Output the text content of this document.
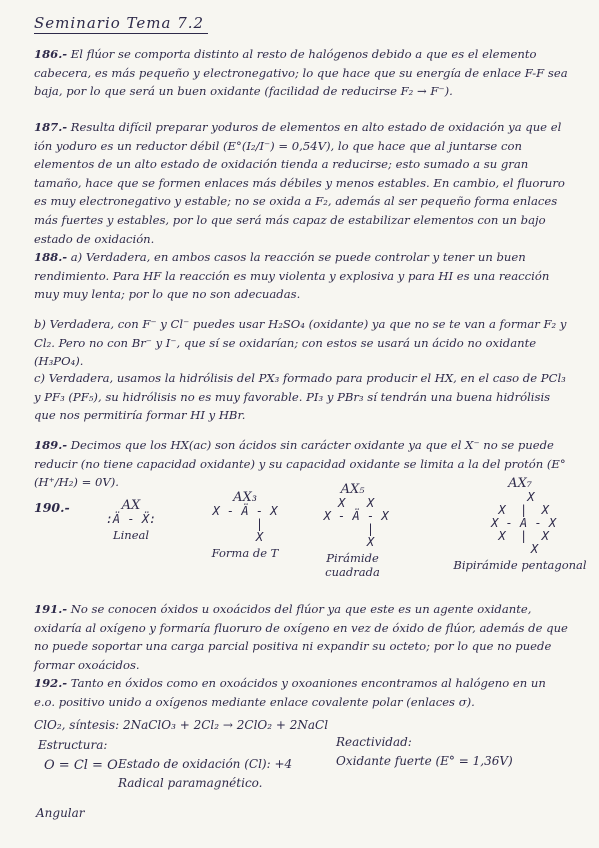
Seminario Tema 7.2
186.- El flúor se comporta distinto al resto de halógenos debido a que es el elemento cabecera, es más pequeño y electronegativo; lo que hace que su energía de enlace F-F sea baja, por lo que será un buen oxidante (facilidad de reducirse F₂ → F⁻).
187.- Resulta difícil preparar yoduros de elementos en alto estado de oxidación ya que el ión yoduro es un reductor débil (E°(I₂/I⁻) = 0,54V), lo que hace que al juntarse con elementos de un alto estado de oxidación tienda a reducirse; esto sumado a su gran tamaño, hace que se formen enlaces más débiles y menos estables. En cambio, el fluoruro es muy electronegativo y estable; no se oxida a F₂, además al ser pequeño forma enlaces más fuertes y estables, por lo que será más capaz de estabilizar elementos con un bajo estado de oxidación.
188.- a) Verdadera, en ambos casos la reacción se puede controlar y tener un buen rendimiento. Para HF la reacción es muy violenta y explosiva y para HI es una reacción muy muy lenta; por lo que no son adecuadas.
b) Verdadera, con F⁻ y Cl⁻ puedes usar H₂SO₄ (oxidante) ya que no se te van a formar F₂ y Cl₂. Pero no con Br⁻ y I⁻, que sí se oxidarían; con estos se usará un ácido no oxidante (H₃PO₄).
c) Verdadera, usamos la hidrólisis del PX₃ formado para producir el HX, en el caso de PCl₃ y PF₃ (PF₅), su hidrólisis no es muy favorable. PI₃ y PBr₃ sí tendrán una buena hidrólisis que nos permitiría formar HI y HBr.
189.- Decimos que los HX(ac) son ácidos sin carácter oxidante ya que el X⁻ no se puede reducir (no tiene capacidad oxidante) y su capacidad oxidante se limita a la del protón (E°(H⁺/H₂) = 0V).
190.-	AX
:Ä - Ẍ:
Lineal
AX₃
X - Ä - X
|
X
Forma de T
AX₅
X   X
X - Ä - X
|
X
Pirámide cuadrada
AX₇
X
X  |  X
X - A - X
X  |  X
X
Bipirámide pentagonal
191.- No se conocen óxidos u oxoácidos del flúor ya que este es un agente oxidante, oxidaría al oxígeno y formaría fluoruro de oxígeno en vez de óxido de flúor, además de que no puede soportar una carga parcial positiva ni expandir su octeto; por lo que no puede formar oxoácidos.
192.- Tanto en óxidos como en oxoácidos y oxoaniones encontramos al halógeno en un e.o. positivo unido a oxígenos mediante enlace covalente polar (enlaces σ).
ClO₂, síntesis: 2NaClO₃ + 2Cl₂ → 2ClO₂ + 2NaCl
Estructura:
O = Cl = O Estado de oxidación (Cl): +4
Radical paramagnético.
Reactividad:
Oxidante fuerte (E° = 1,36V)
Angular
